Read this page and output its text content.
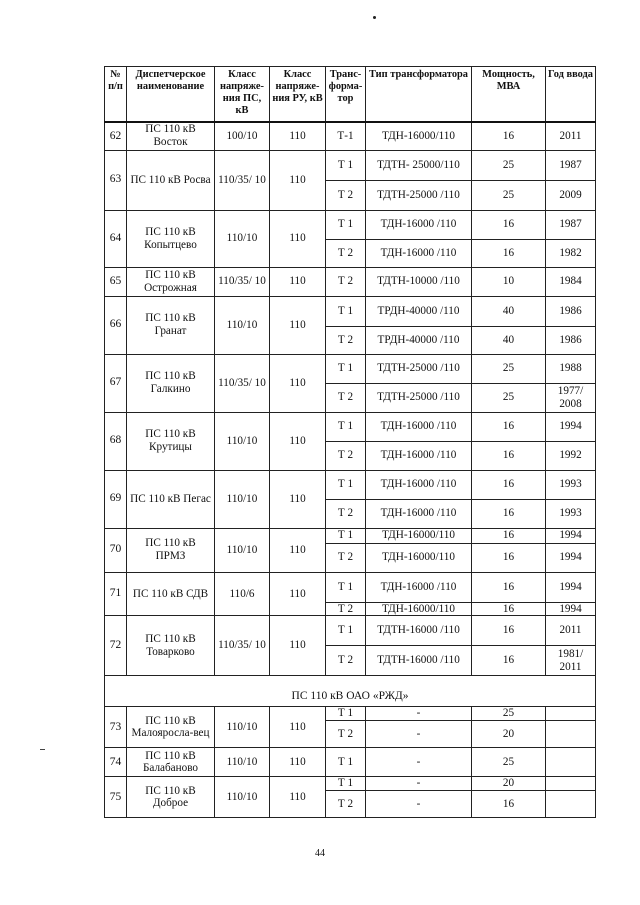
№ п/п	Диспетчерское наименование	Класс напряже-ния ПС, кВ	Класс напряже-ния РУ, кВ	Транс-форма-тор	Тип трансформатора	Мощность, МВА	Год ввода
62	ПС 110 кВ Восток	100/10	110	Т-1	ТДН-16000/110	16	2011
63	ПС 110 кВ Росва	110/35/ 10	110	Т 1	ТДТН- 25000/110	25	1987
				Т 2	ТДТН-25000 /110	25	2009
64	ПС 110 кВ Копытцево	110/10	110	Т 1	ТДН-16000 /110	16	1987
				Т 2	ТДН-16000 /110	16	1982
65	ПС 110 кВ Острожная	110/35/ 10	110	Т 2	ТДТН-10000 /110	10	1984
66	ПС 110 кВ Гранат	110/10	110	Т 1	ТРДН-40000 /110	40	1986
				Т 2	ТРДН-40000 /110	40	1986
67	ПС 110 кВ Галкино	110/35/ 10	110	Т 1	ТДТН-25000 /110	25	1988
				Т 2	ТДТН-25000 /110	25	1977/ 2008
68	ПС 110 кВ Крутицы	110/10	110	Т 1	ТДН-16000 /110	16	1994
				Т 2	ТДН-16000 /110	16	1992
69	ПС 110 кВ Пегас	110/10	110	Т 1	ТДН-16000 /110	16	1993
				Т 2	ТДН-16000 /110	16	1993
70	ПС 110 кВ ПРМЗ	110/10	110	Т 1	ТДН-16000/110	16	1994
				Т 2	ТДН-16000/110	16	1994
71	ПС 110 кВ СДВ	110/6	110	Т 1	ТДН-16000 /110	16	1994
				Т 2	ТДН-16000/110	16	1994
72	ПС 110 кВ Товарково	110/35/ 10	110	Т 1	ТДТН-16000 /110	16	2011
				Т 2	ТДТН-16000 /110	16	1981/ 2011
ПС 110 кВ ОАО «РЖД»							
73	ПС 110 кВ Малояросла-вец	110/10	110	Т 1	-	25	
				Т 2	-	20	
74	ПС 110 кВ Балабаново	110/10	110	Т 1	-	25	
75	ПС 110 кВ Доброе	110/10	110	Т 1	-	20	
				Т 2	-	16	
44
